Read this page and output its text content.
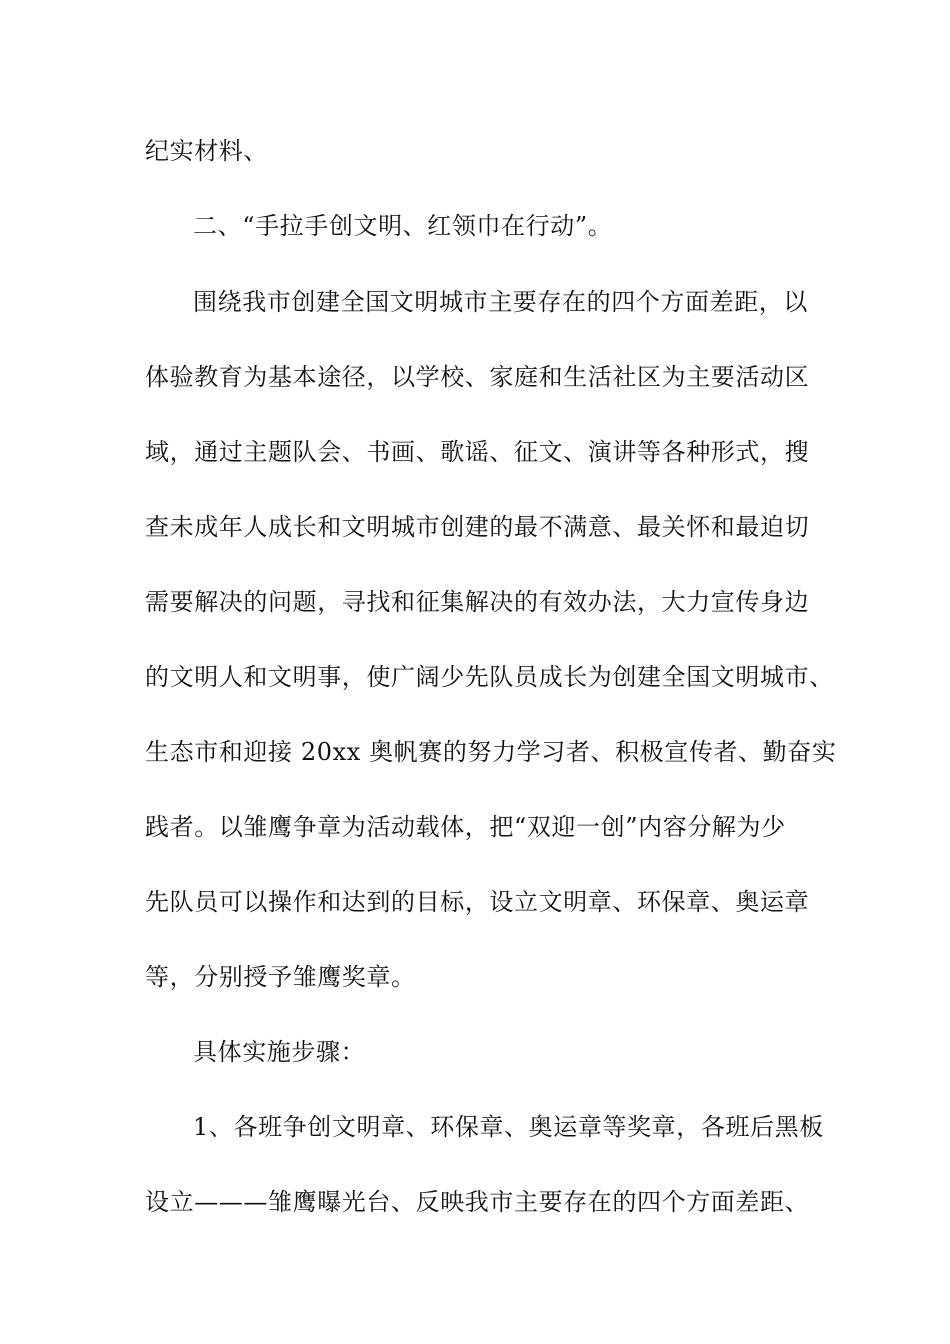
纪实材料、
二、“手拉手创文明、红领巾在行动”。
围绕我市创建全国文明城市主要存在的四个方面差距，以
体验教育为基本途径，以学校、家庭和生活社区为主要活动区
域，通过主题队会、书画、歌谣、征文、演讲等各种形式，搜
查未成年人成长和文明城市创建的最不满意、最关怀和最迫切
需要解决的问题，寻找和征集解决的有效办法，大力宣传身边
的文明人和文明事，使广阔少先队员成长为创建全国文明城市、
生态市和迎接 20xx 奥帆赛的努力学习者、积极宣传者、勤奋实
践者。以雏鹰争章为活动载体，把“双迎一创”内容分解为少
先队员可以操作和达到的目标，设立文明章、环保章、奥运章
等，分别授予雏鹰奖章。
具体实施步骤：
1、各班争创文明章、环保章、奥运章等奖章，各班后黑板
设立———雏鹰曝光台、反映我市主要存在的四个方面差距、
